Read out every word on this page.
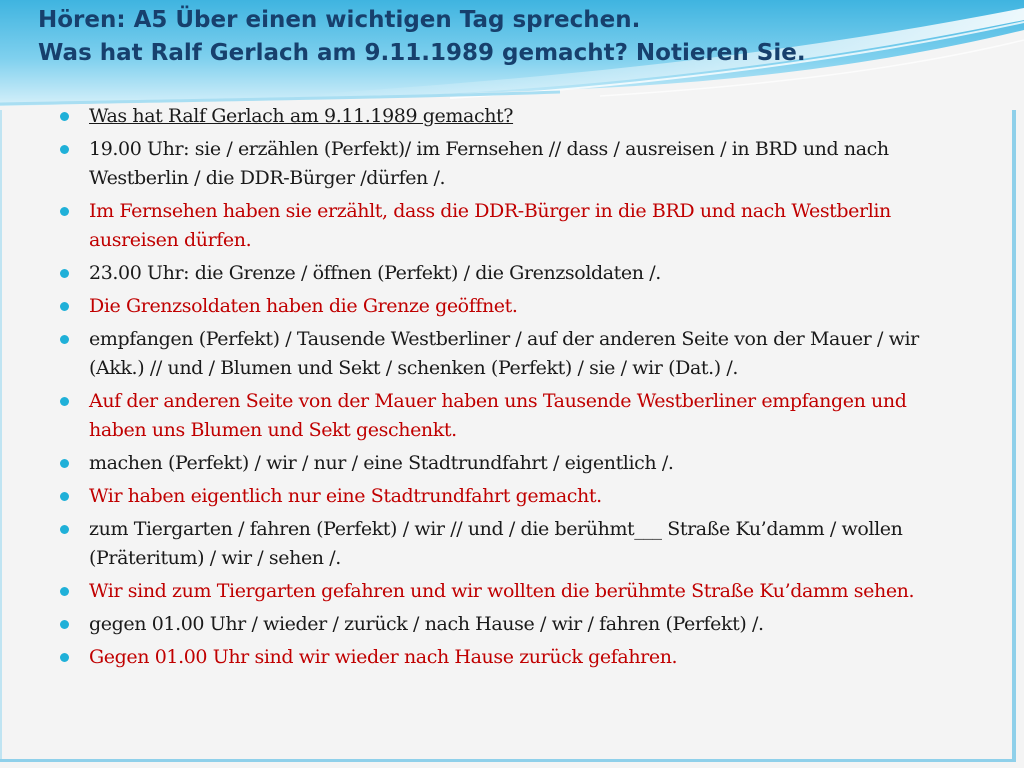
Hören: A5 Über einen wichtigen Tag sprechen.
Was hat Ralf Gerlach am 9.11.1989 gemacht? Notieren Sie.
Was hat Ralf Gerlach am 9.11.1989 gemacht?
19.00 Uhr: sie / erzählen (Perfekt)/ im Fernsehen // dass / ausreisen / in BRD und nach Westberlin / die DDR-Bürger /dürfen /.
Im Fernsehen haben sie erzählt, dass die DDR-Bürger in die BRD und nach Westberlin ausreisen dürfen.
23.00 Uhr: die Grenze / öffnen (Perfekt) / die Grenzsoldaten /.
Die Grenzsoldaten haben die Grenze geöffnet.
empfangen (Perfekt) / Tausende Westberliner / auf der anderen Seite von der Mauer / wir (Akk.) // und / Blumen und Sekt / schenken (Perfekt) / sie / wir (Dat.) /.
Auf der anderen Seite von der Mauer haben uns Tausende Westberliner empfangen und haben uns Blumen und Sekt geschenkt.
machen (Perfekt) / wir / nur / eine Stadtrundfahrt / eigentlich /.
Wir haben eigentlich nur eine Stadtrundfahrt gemacht.
zum Tiergarten / fahren (Perfekt) / wir // und / die berühmt___ Straße Ku’damm / wollen (Präteritum) / wir / sehen /.
Wir sind zum Tiergarten gefahren und wir wollten die berühmte Straße Ku’damm sehen.
gegen 01.00 Uhr / wieder / zurück / nach Hause / wir / fahren (Perfekt) /.
Gegen 01.00 Uhr sind wir wieder nach Hause zurück gefahren.
